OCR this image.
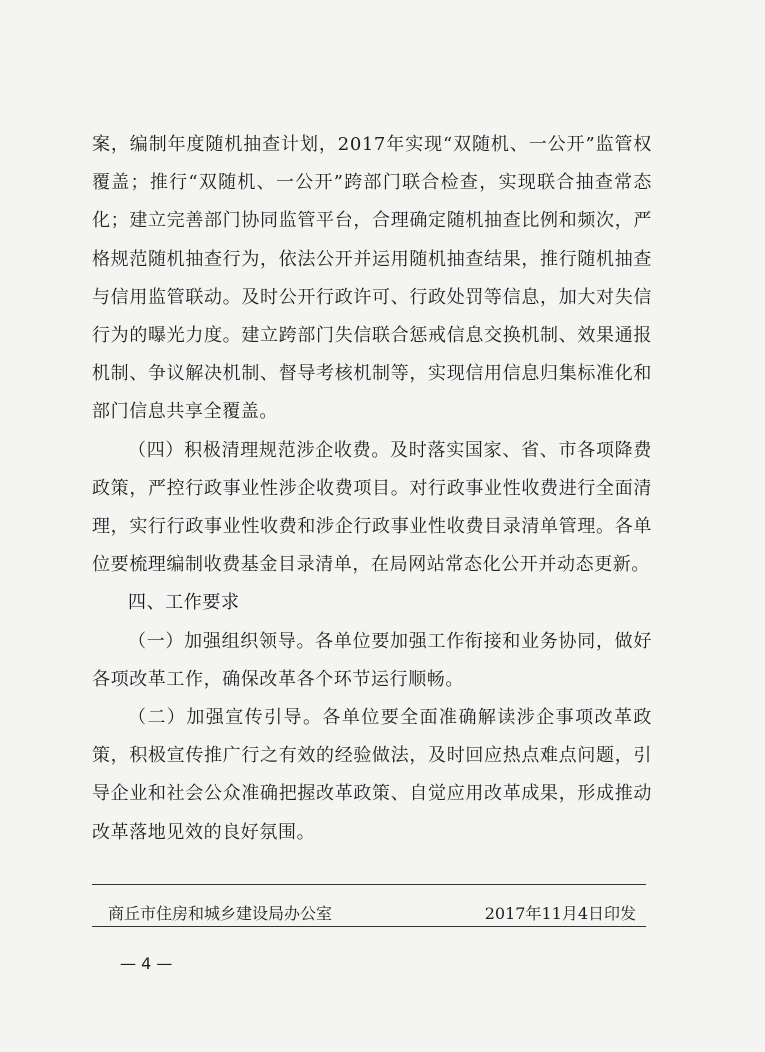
案，编制年度随机抽查计划，2017年实现“双随机、一公开”监管权覆盖；推行“双随机、一公开”跨部门联合检查，实现联合抽查常态化；建立完善部门协同监管平台，合理确定随机抽查比例和频次，严格规范随机抽查行为，依法公开并运用随机抽查结果，推行随机抽查与信用监管联动。及时公开行政许可、行政处罚等信息，加大对失信行为的曝光力度。建立跨部门失信联合惩戒信息交换机制、效果通报机制、争议解决机制、督导考核机制等，实现信用信息归集标准化和部门信息共享全覆盖。

（四）积极清理规范涉企收费。及时落实国家、省、市各项降费政策，严控行政事业性涉企收费项目。对行政事业性收费进行全面清理，实行行政事业性收费和涉企行政事业性收费目录清单管理。各单位要梳理编制收费基金目录清单，在局网站常态化公开并动态更新。

四、工作要求

（一）加强组织领导。各单位要加强工作衔接和业务协同，做好各项改革工作，确保改革各个环节运行顺畅。

（二）加强宣传引导。各单位要全面准确解读涉企事项改革政策，积极宣传推广行之有效的经验做法，及时回应热点难点问题，引导企业和社会公众准确把握改革政策、自觉应用改革成果，形成推动改革落地见效的良好氛围。

商丘市住房和城乡建设局办公室	2017年11月4日印发
— 4 —
